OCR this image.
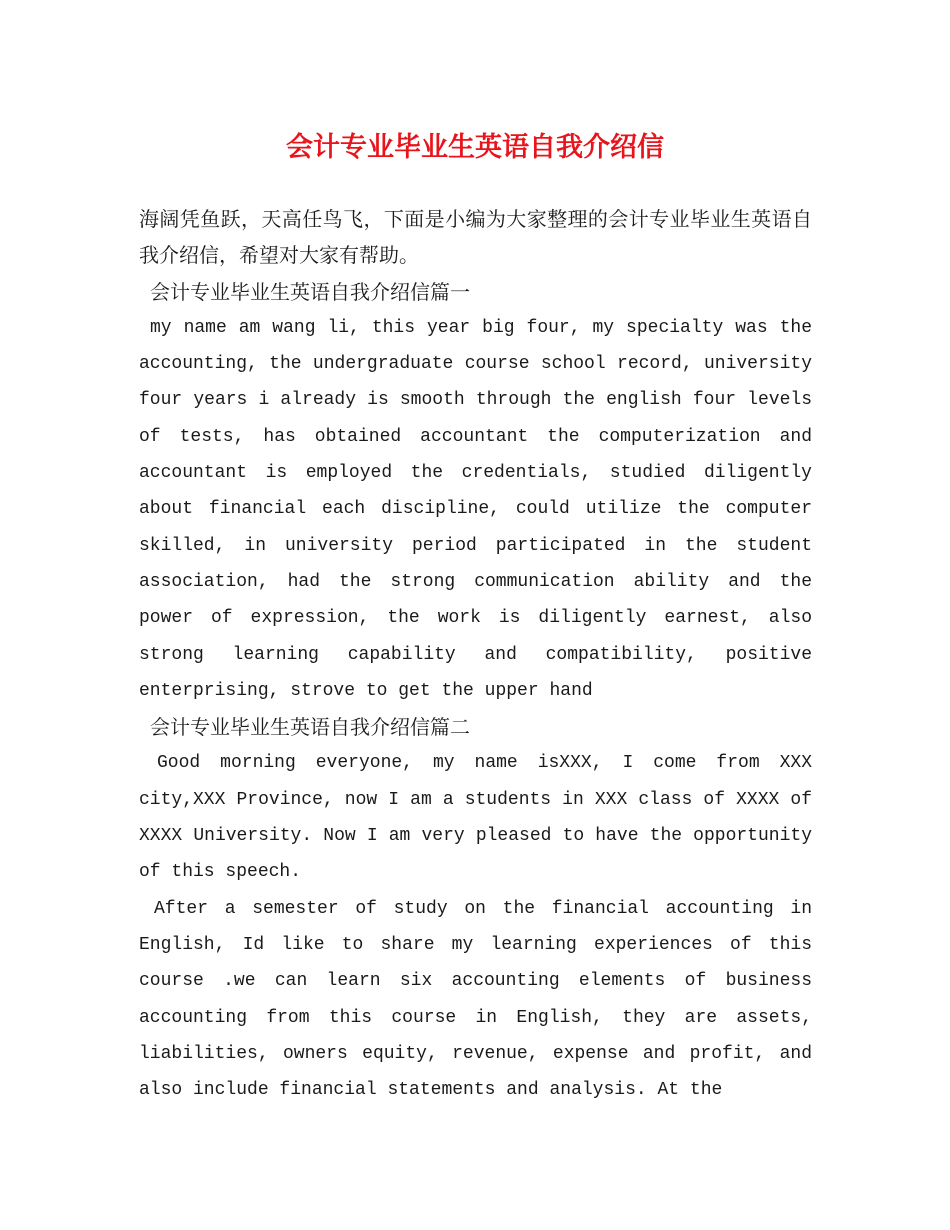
会计专业毕业生英语自我介绍信

海阔凭鱼跃，天高任鸟飞，下面是小编为大家整理的会计专业毕业生英语自我介绍信，希望对大家有帮助。

会计专业毕业生英语自我介绍信篇一

my name am wang li, this year big four, my specialty was the accounting, the undergraduate course school record, university four years i already is smooth through the english four levels of tests, has obtained accountant the computerization and accountant is employed the credentials, studied diligently about financial each discipline, could utilize the computer skilled, in university period participated in the student association, had the strong communication ability and the power of expression, the work is diligently earnest, also strong learning capability and compatibility, positive enterprising, strove to get the upper hand

会计专业毕业生英语自我介绍信篇二

Good morning everyone, my name isXXX, I come from XXX city,XXX Province, now I am a students in XXX class of XXXX of XXXX University. Now I am very pleased to have the opportunity of this speech.

After a semester of study on the financial accounting in English, Id like to share my learning experiences of this course .we can learn six accounting elements of business accounting from this course in English, they are assets, liabilities, owners equity, revenue, expense and profit, and also include financial statements and analysis. At the
